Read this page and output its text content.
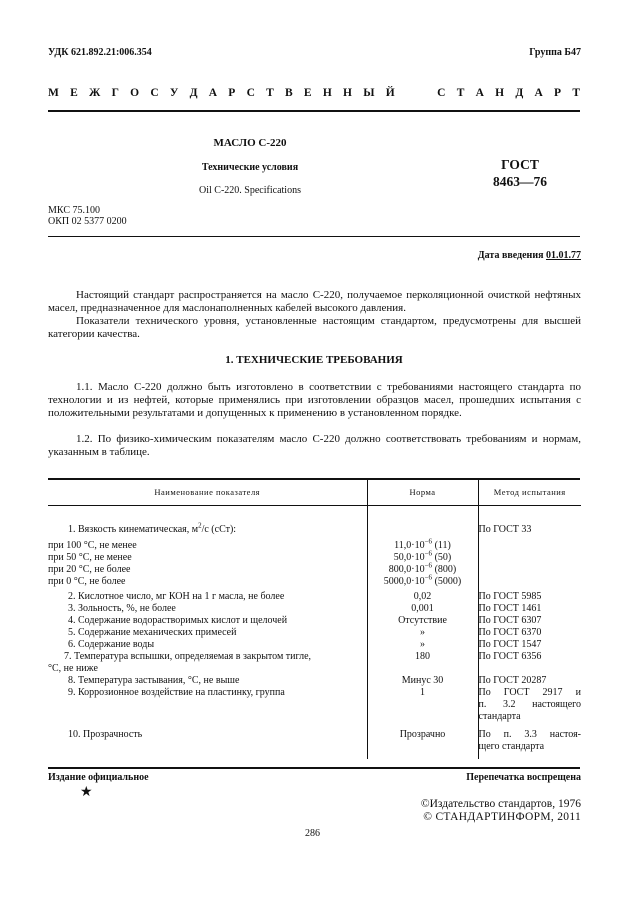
УДК 621.892.21:006.354	Группа Б47
М Е Ж Г О С У Д А Р С Т В Е Н Н Ы Й	С Т А Н Д А Р Т
МАСЛО С-220
Технические условия
Oil C-220. Specifications
ГОСТ
8463—76
МКС 75.100
ОКП 02 5377 0200
Дата введения 01.01.77
Настоящий стандарт распространяется на масло С-220, получаемое перколяционной очисткой нефтяных масел, предназначенное для маслонаполненных кабелей высокого давления.
Показатели технического уровня, установленные настоящим стандартом, предусмотрены для высшей категории качества.
1. ТЕХНИЧЕСКИЕ ТРЕБОВАНИЯ
1.1. Масло С-220 должно быть изготовлено в соответствии с требованиями настоящего стандарта по технологии и из нефтей, которые применялись при изготовлении образцов масел, прошедших испытания с положительными результатами и допущенных к применению в установленном порядке.
1.2. По физико-химическим показателям масло С-220 должно соответствовать требованиям и нормам, указанным в таблице.
Наименование показателя	Норма	Метод испытания

1. Вязкость кинематическая, $м^2/с$ (сСт):		По ГОСТ 33

при 100 °С, не менее	$11,0\cdot 10^{-6}$ (11)	
при 50 °С, не менее	$50,0\cdot 10^{-6}$ (50)	
при 20 °С, не более	$800,0\cdot 10^{-6}$ (800)	
при 0 °С, не более	$5000,0\cdot 10^{-6}$ (5000)	

2. Кислотное число, мг КОН на 1 г масла, не более	0,02	По ГОСТ 5985
3. Зольность, %, не более	0,001	По ГОСТ 1461
4. Содержание водорастворимых кислот и щелочей	Отсутствие	По ГОСТ 6307
5. Содержание механических примесей	»	По ГОСТ 6370
6. Содержание воды	»	По ГОСТ 1547

7. Температура вспышки, определяемая в закрытом тигле,
°С, не ниже	180	По ГОСТ 6356
8. Температура застывания, °С, не выше	Минус 30	По ГОСТ 20287
9. Коррозионное воздействие на пластинку, группа	1	По ГОСТ 2917 и
п. 3.2 настоящего
стандарта

10. Прозрачность	Прозрачно	По п. 3.3 настоя-
щего стандарта

Издание официальное	Перепечатка воспрещена
★
©Издательство стандартов, 1976
© СТАНДАРТИНФОРМ, 2011
286
